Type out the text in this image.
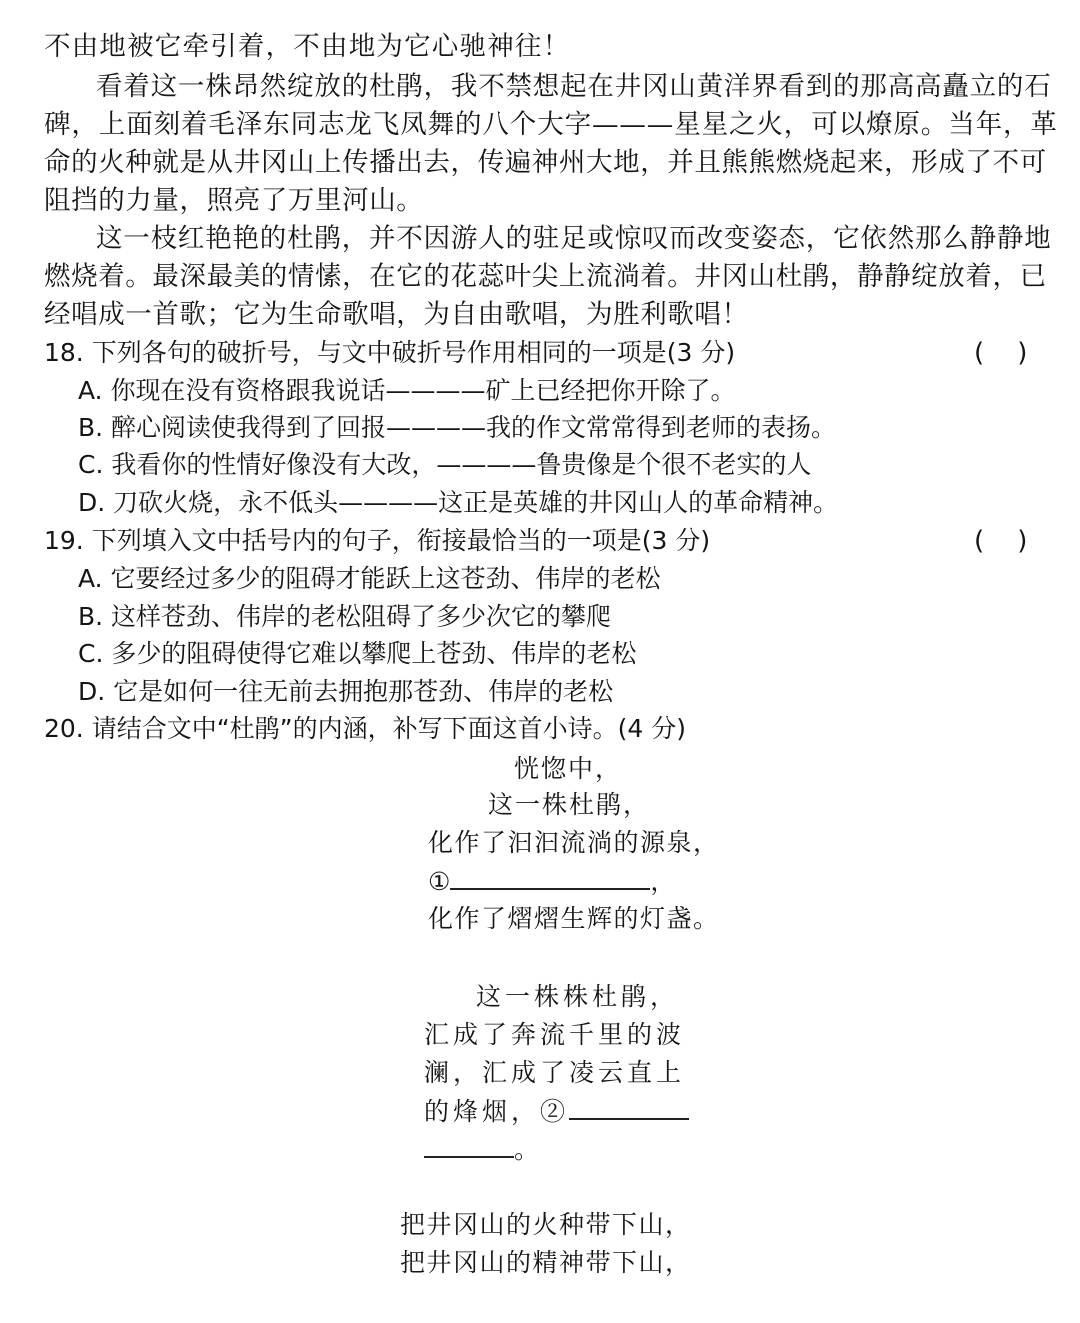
不由地被它牵引着，不由地为它心驰神往！
看着这一株昂然绽放的杜鹃，我不禁想起在井冈山黄洋界看到的那高高矗立的石
碑，上面刻着毛泽东同志龙飞凤舞的八个大字———星星之火，可以燎原。当年，革
命的火种就是从井冈山上传播出去，传遍神州大地，并且熊熊燃烧起来，形成了不可
阻挡的力量，照亮了万里河山。
这一枝红艳艳的杜鹃，并不因游人的驻足或惊叹而改变姿态，它依然那么静静地
燃烧着。最深最美的情愫，在它的花蕊叶尖上流淌着。井冈山杜鹃，静静绽放着，已
经唱成一首歌；它为生命歌唱，为自由歌唱，为胜利歌唱！
18. 下列各句的破折号，与文中破折号作用相同的一项是(3 分)	(    )
A. 你现在没有资格跟我说话————矿上已经把你开除了。
B. 醉心阅读使我得到了回报————我的作文常常得到老师的表扬。
C. 我看你的性情好像没有大改，————鲁贵像是个很不老实的人
D. 刀砍火烧，永不低头————这正是英雄的井冈山人的革命精神。
19. 下列填入文中括号内的句子，衔接最恰当的一项是(3 分)	(    )
A. 它要经过多少的阻碍才能跃上这苍劲、伟岸的老松
B. 这样苍劲、伟岸的老松阻碍了多少次它的攀爬
C. 多少的阻碍使得它难以攀爬上苍劲、伟岸的老松
D. 它是如何一往无前去拥抱那苍劲、伟岸的老松
20. 请结合文中“杜鹃”的内涵，补写下面这首小诗。(4 分)
恍惚中，
这一株杜鹃，
化作了汩汩流淌的源泉，
①	，
化作了熠熠生辉的灯盏。
这一株株杜鹃，
汇成了奔流千里的波
澜，汇成了凌云直上
的烽烟，②
。
把井冈山的火种带下山，
把井冈山的精神带下山，
